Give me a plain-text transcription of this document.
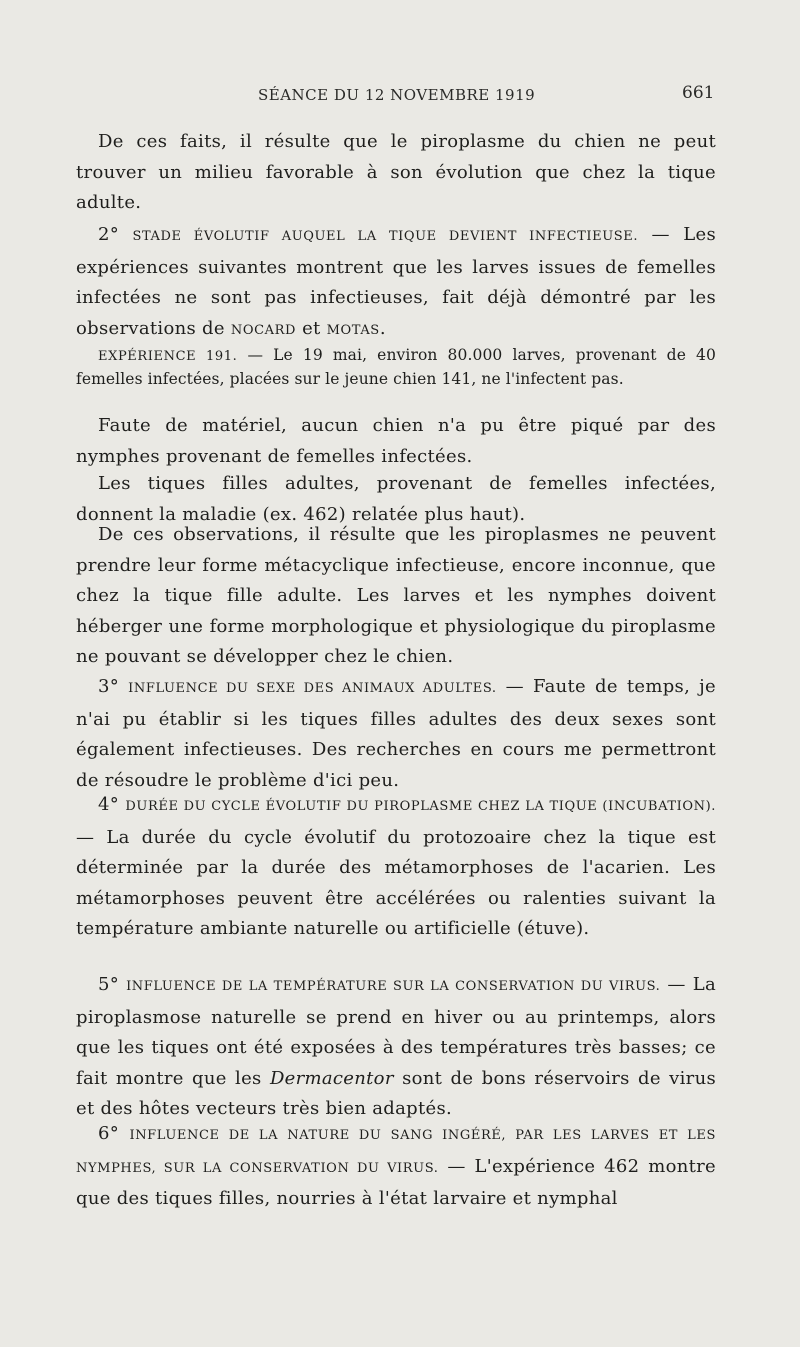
SÉANCE DU 12 NOVEMBRE 1919	661

De ces faits, il résulte que le piroplasme du chien ne peut trouver un milieu favorable à son évolution que chez la tique adulte.

2° STADE ÉVOLUTIF AUQUEL LA TIQUE DEVIENT INFECTIEUSE. — Les expériences suivantes montrent que les larves issues de femelles infectées ne sont pas infectieuses, fait déjà démontré par les observations de NOCARD et MOTAS.

EXPÉRIENCE 191. — Le 19 mai, environ 80.000 larves, provenant de 40 femelles infectées, placées sur le jeune chien 141, ne l'infectent pas.

Faute de matériel, aucun chien n'a pu être piqué par des nymphes provenant de femelles infectées.

Les tiques filles adultes, provenant de femelles infectées, donnent la maladie (ex. 462) relatée plus haut).

De ces observations, il résulte que les piroplasmes ne peuvent prendre leur forme métacyclique infectieuse, encore inconnue, que chez la tique fille adulte. Les larves et les nymphes doivent héberger une forme morphologique et physiologique du piroplasme ne pouvant se développer chez le chien.

3° INFLUENCE DU SEXE DES ANIMAUX ADULTES. — Faute de temps, je n'ai pu établir si les tiques filles adultes des deux sexes sont également infectieuses. Des recherches en cours me permettront de résoudre le problème d'ici peu.

4° DURÉE DU CYCLE ÉVOLUTIF DU PIROPLASME CHEZ LA TIQUE (INCUBATION). — La durée du cycle évolutif du protozoaire chez la tique est déterminée par la durée des métamorphoses de l'acarien. Les métamorphoses peuvent être accélérées ou ralenties suivant la température ambiante naturelle ou artificielle (étuve).

5° INFLUENCE DE LA TEMPÉRATURE SUR LA CONSERVATION DU VIRUS. — La piroplasmose naturelle se prend en hiver ou au printemps, alors que les tiques ont été exposées à des températures très basses; ce fait montre que les Dermacentor sont de bons réservoirs de virus et des hôtes vecteurs très bien adaptés.

6° INFLUENCE DE LA NATURE DU SANG INGÉRÉ, PAR LES LARVES ET LES NYMPHES, SUR LA CONSERVATION DU VIRUS. — L'expérience 462 montre que des tiques filles, nourries à l'état larvaire et nymphal
